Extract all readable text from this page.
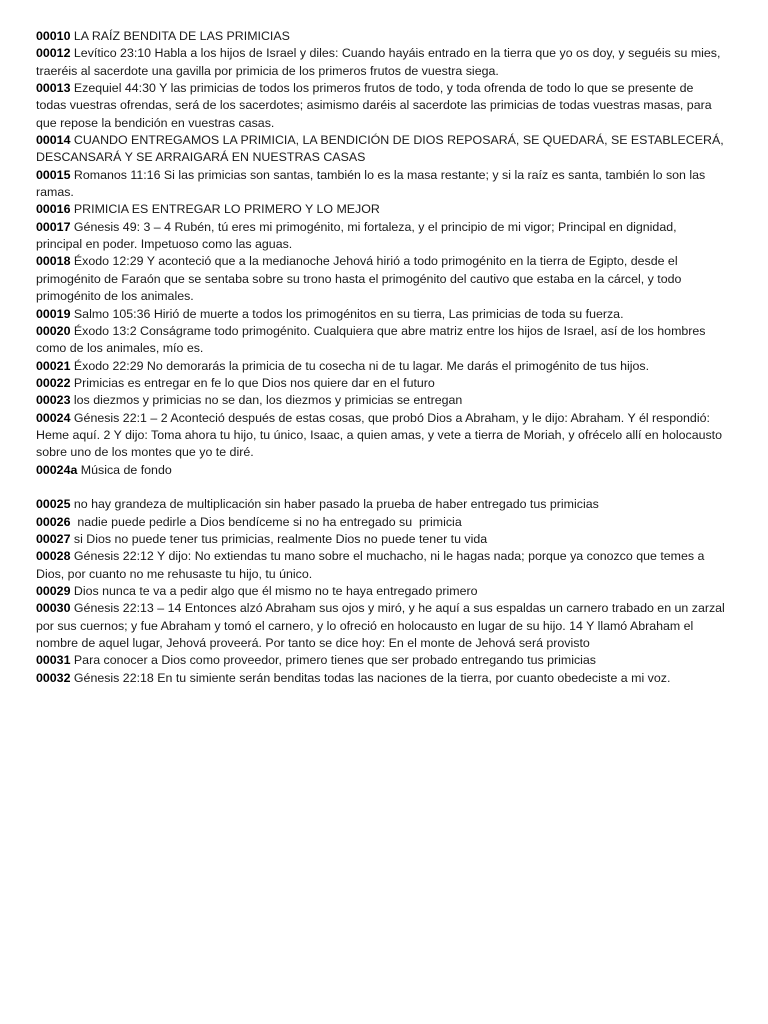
00010 LA RAÍZ BENDITA DE LAS PRIMICIAS

00012 Levítico 23:10 Habla a los hijos de Israel y diles: Cuando hayáis entrado en la tierra que yo os doy, y seguéis su mies, traeréis al sacerdote una gavilla por primicia de los primeros frutos de vuestra siega.

00013 Ezequiel 44:30 Y las primicias de todos los primeros frutos de todo, y toda ofrenda de todo lo que se presente de todas vuestras ofrendas, será de los sacerdotes; asimismo daréis al sacerdote las primicias de todas vuestras masas, para que repose la bendición en vuestras casas.

00014 CUANDO ENTREGAMOS LA PRIMICIA, LA BENDICIÓN DE DIOS REPOSARÁ, SE QUEDARÁ, SE ESTABLECERÁ, DESCANSARÁ Y SE ARRAIGARÁ EN NUESTRAS CASAS

00015 Romanos 11:16 Si las primicias son santas, también lo es la masa restante; y si la raíz es santa, también lo son las ramas.

00016 PRIMICIA ES ENTREGAR LO PRIMERO Y LO MEJOR

00017 Génesis 49: 3 – 4 Rubén, tú eres mi primogénito, mi fortaleza, y el principio de mi vigor; Principal en dignidad, principal en poder. Impetuoso como las aguas.

00018 Éxodo 12:29 Y aconteció que a la medianoche Jehová hirió a todo primogénito en la tierra de Egipto, desde el primogénito de Faraón que se sentaba sobre su trono hasta el primogénito del cautivo que estaba en la cárcel, y todo primogénito de los animales.

00019 Salmo 105:36 Hirió de muerte a todos los primogénitos en su tierra, Las primicias de toda su fuerza.

00020 Éxodo 13:2 Conságrame todo primogénito. Cualquiera que abre matriz entre los hijos de Israel, así de los hombres como de los animales, mío es.

00021 Éxodo 22:29 No demorarás la primicia de tu cosecha ni de tu lagar. Me darás el primogénito de tus hijos.

00022 Primicias es entregar en fe lo que Dios nos quiere dar en el futuro

00023 los diezmos y primicias no se dan, los diezmos y primicias se entregan

00024 Génesis 22:1 – 2 Aconteció después de estas cosas, que probó Dios a Abraham, y le dijo: Abraham. Y él respondió: Heme aquí. 2 Y dijo: Toma ahora tu hijo, tu único, Isaac, a quien amas, y vete a tierra de Moriah, y ofrécelo allí en holocausto sobre uno de los montes que yo te diré.

00024a Música de fondo

00025 no hay grandeza de multiplicación sin haber pasado la prueba de haber entregado tus primicias

00026  nadie puede pedirle a Dios bendíceme si no ha entregado su  primicia

00027 si Dios no puede tener tus primicias, realmente Dios no puede tener tu vida

00028 Génesis 22:12 Y dijo: No extiendas tu mano sobre el muchacho, ni le hagas nada; porque ya conozco que temes a Dios, por cuanto no me rehusaste tu hijo, tu único.

00029 Dios nunca te va a pedir algo que él mismo no te haya entregado primero

00030 Génesis 22:13 – 14 Entonces alzó Abraham sus ojos y miró, y he aquí a sus espaldas un carnero trabado en un zarzal por sus cuernos; y fue Abraham y tomó el carnero, y lo ofreció en holocausto en lugar de su hijo. 14 Y llamó Abraham el nombre de aquel lugar, Jehová proveerá. Por tanto se dice hoy: En el monte de Jehová será provisto

00031 Para conocer a Dios como proveedor, primero tienes que ser probado entregando tus primicias

00032 Génesis 22:18 En tu simiente serán benditas todas las naciones de la tierra, por cuanto obedeciste a mi voz.
